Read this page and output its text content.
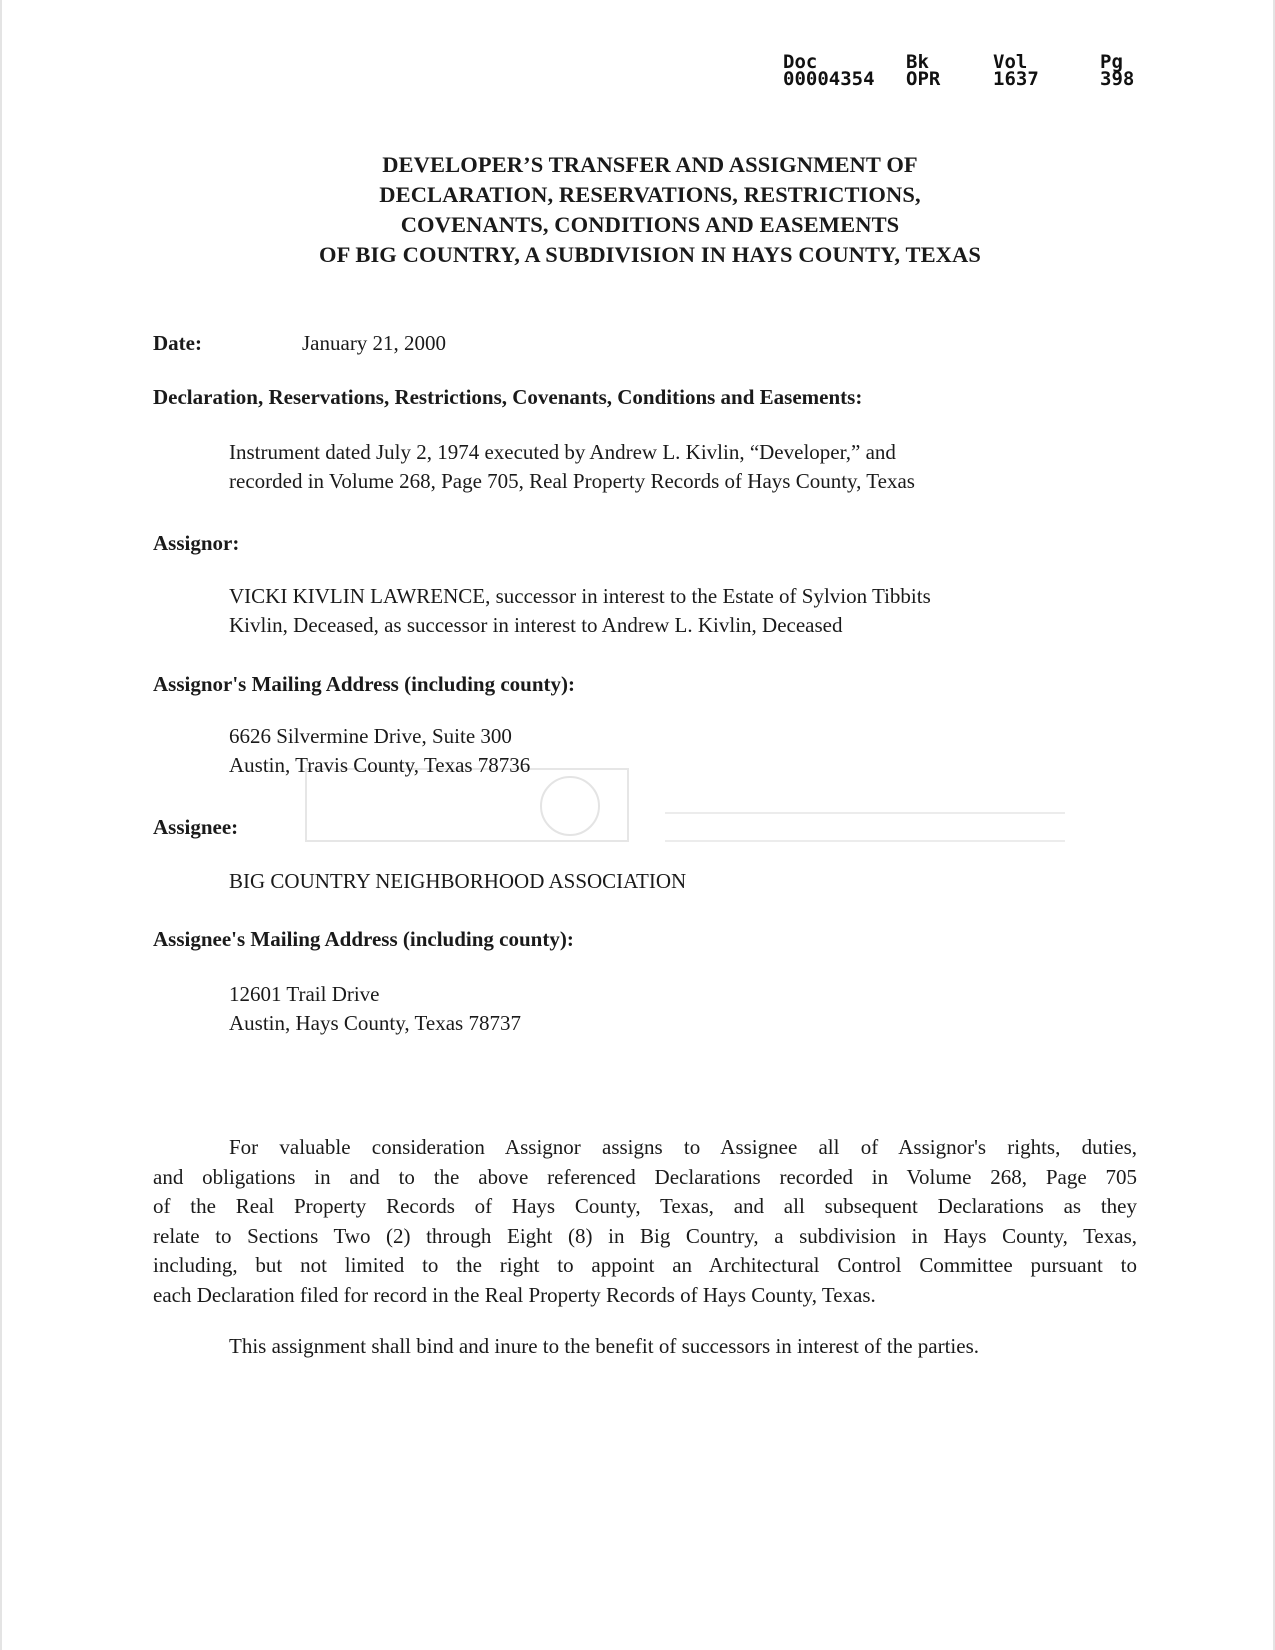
Doc
00004354
Bk
OPR
Vol
1637
Pg
398
DEVELOPER’S TRANSFER AND ASSIGNMENT OF
DECLARATION, RESERVATIONS, RESTRICTIONS,
COVENANTS, CONDITIONS AND EASEMENTS
OF BIG COUNTRY, A SUBDIVISION IN HAYS COUNTY, TEXAS
Date:	January 21, 2000
Declaration, Reservations, Restrictions, Covenants, Conditions and Easements:
Instrument dated July 2, 1974 executed by Andrew L. Kivlin, “Developer,” and
recorded in Volume 268, Page 705, Real Property Records of Hays County, Texas
Assignor:
VICKI KIVLIN LAWRENCE, successor in interest to the Estate of Sylvion Tibbits
Kivlin, Deceased, as successor in interest to Andrew L. Kivlin, Deceased
Assignor's Mailing Address (including county):
6626 Silvermine Drive, Suite 300
Austin, Travis County, Texas 78736
Assignee:
BIG COUNTRY NEIGHBORHOOD ASSOCIATION
Assignee's Mailing Address (including county):
12601 Trail Drive
Austin, Hays County, Texas 78737
For valuable consideration Assignor assigns to Assignee all of Assignor's rights, duties,
and obligations in and to the above referenced Declarations recorded in Volume 268, Page 705
of the Real Property Records of Hays County, Texas, and all subsequent Declarations as they
relate to Sections Two (2) through Eight (8) in Big Country, a subdivision in Hays County, Texas,
including, but not limited to the right to appoint an Architectural Control Committee pursuant to
each Declaration filed for record in the Real Property Records of Hays County, Texas.
This assignment shall bind and inure to the benefit of successors in interest of the parties.
